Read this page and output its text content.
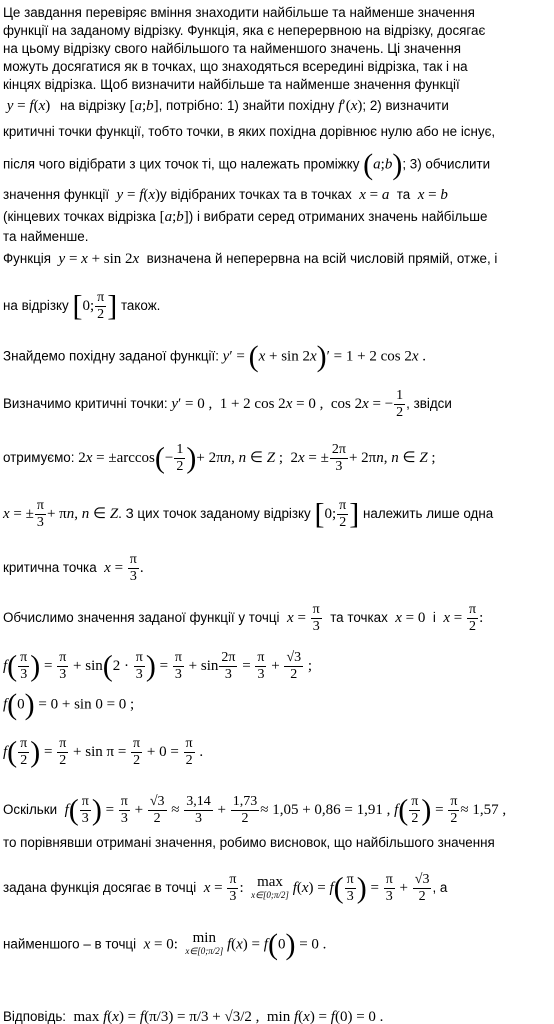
Це завдання перевіряє вміння знаходити найбільше та найменше значення
функції на заданому відрізку. Функція, яка є неперервною на відрізку, досягає
на цьому відрізку свого найбільшого та найменшого значень. Ці значення
можуть досягатися як в точках, що знаходяться всередині відрізка, так і на
кінцях відрізка. Щоб визначити найбільше та найменше значення функції
y = f(x) на відрізку [a;b], потрібно: 1) знайти похідну f′(x); 2) визначити
критичні точки функції, тобто точки, в яких похідна дорівнює нулю або не існує,
після чого відібрати з цих точок ті, що належать проміжку (a;b); 3) обчислити
значення функції  y = f(x)у відібраних точках та в точках  x = a та  x = b
(кінцевих точках відрізка [a;b]) і вибрати серед отриманих значень найбільше
та найменше.
Функція  y = x + sin 2x визначена й неперервна на всій числовій прямій, отже, і
на відрізку [0; $\frac{\pi}{2}$ ] також.
Знайдемо похідну заданої функції: y′ = (x + sin 2x)′ = 1 + 2 cos 2x .
Визначимо критичні точки: y′ = 0 ,  1 + 2 cos 2x = 0 ,  cos 2x = − $\frac{1}{2}$ , звідси
отримуємо: $2x = \pm\arccos(- \frac{1}{2}$ )+ 2πn, n ∈ Z ;  2x = ± $\frac{2\pi}{3} + 2\pi n$, n ∈ Z ;
x = ± $\frac{\pi}{3} + \pi n$, n ∈ Z. З цих точок заданому відрізку [0; $\frac{\pi}{2}$ ] належить лише одна
критична точка  $x = \frac{\pi}{3}$ .
Обчислимо значення заданої функції у точці  $x = \frac{\pi}{3}$ та точках  x = 0  і  $x = \frac{\pi}{2}$ :
$f( \frac{\pi}{3}$ ) = $\frac{\pi}{3} + \sin(2 \cdot \frac{\pi}{3}$ ) = $\frac{\pi}{3} + \sin \frac{2\pi}{3} = \frac{\pi}{3} + \frac{√3}{2}$ ;
f(0) = 0 + sin 0 = 0 ;
$f( \frac{\pi}{2}$ ) = $\frac{\pi}{2} + \sin \pi = \frac{\pi}{2} + 0 = \frac{\pi}{2}$ .
Оскільки  $f( \frac{\pi}{3}$ ) = $\frac{\pi}{3} + \frac{√3}{2} \approx \frac{3,14}{3} + \frac{1,73}{2} \approx 1,05 + 0,86 = 1,91$ , $f( \frac{\pi}{2}$ ) = $\frac{\pi}{2} \approx 1,57$ ,
то порівнявши отримані значення, робимо висновок, що найбільшого значення
задана функція досягає в точці  $x = \frac{\pi}{3}$ : max
x∈[0;π/2] $f(x) = f( \frac{\pi}{3}$ ) = $\frac{\pi}{3} + \frac{√3}{2}$ , а
найменшого – в точці  x = 0: min
x∈[0;π/2] f(x) = f(0) = 0 .
Відповідь:  max f(x) = f(π/3) = π/3 + √3/2 ,  min f(x) = f(0) = 0 .
